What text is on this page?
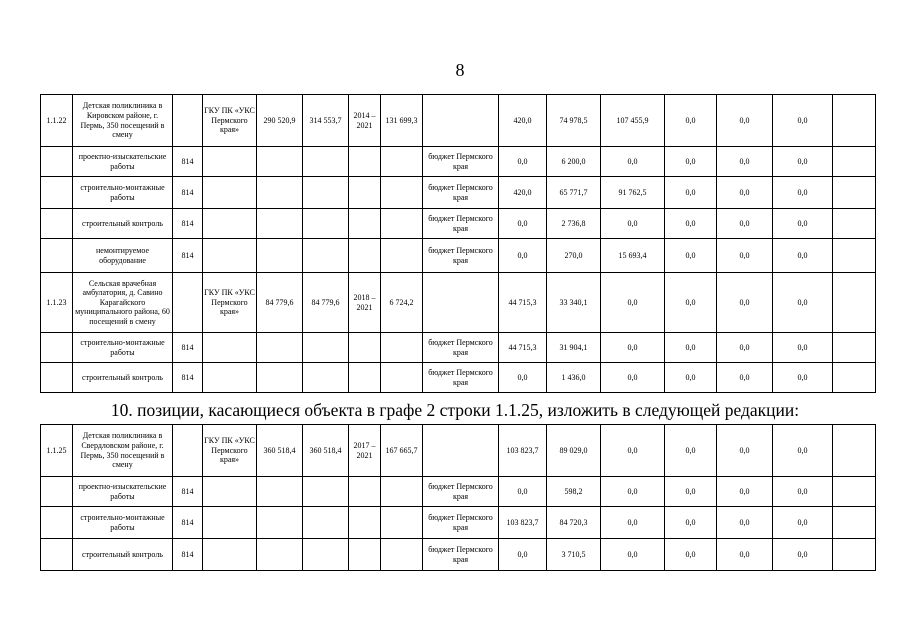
8
1.1.22	Детская поликлиника в Кировском районе, г. Пермь, 350 посещений в смену		ГКУ ПК «УКС Пермского края»	290 520,9	314 553,7	2014 – 2021	131 699,3		420,0	74 978,5	107 455,9	0,0	0,0	0,0	
	проектно-изыскательские работы	814						бюджет Пермского края	0,0	6 200,0	0,0	0,0	0,0	0,0	
	строительно-монтажные работы	814						бюджет Пермского края	420,0	65 771,7	91 762,5	0,0	0,0	0,0	
	строительный контроль	814						бюджет Пермского края	0,0	2 736,8	0,0	0,0	0,0	0,0	
	немонтируемое оборудование	814						бюджет Пермского края	0,0	270,0	15 693,4	0,0	0,0	0,0	
1.1.23	Сельская врачебная амбулатория, д. Савино Карагайского муниципального района, 60 посещений в смену		ГКУ ПК «УКС Пермского края»	84 779,6	84 779,6	2018 – 2021	6 724,2		44 715,3	33 340,1	0,0	0,0	0,0	0,0	
	строительно-монтажные работы	814						бюджет Пермского края	44 715,3	31 904,1	0,0	0,0	0,0	0,0	
	строительный контроль	814						бюджет Пермского края	0,0	1 436,0	0,0	0,0	0,0	0,0	
10. позиции, касающиеся объекта в графе 2 строки 1.1.25, изложить в следующей редакции:
1.1.25	Детская поликлиника в Свердловском районе, г. Пермь, 350 посещений в смену		ГКУ ПК «УКС Пермского края»	360 518,4	360 518,4	2017 – 2021	167 665,7		103 823,7	89 029,0	0,0	0,0	0,0	0,0	
	проектно-изыскательские работы	814						бюджет Пермского края	0,0	598,2	0,0	0,0	0,0	0,0	
	строительно-монтажные работы	814						бюджет Пермского края	103 823,7	84 720,3	0,0	0,0	0,0	0,0	
	строительный контроль	814						бюджет Пермского края	0,0	3 710,5	0,0	0,0	0,0	0,0	
